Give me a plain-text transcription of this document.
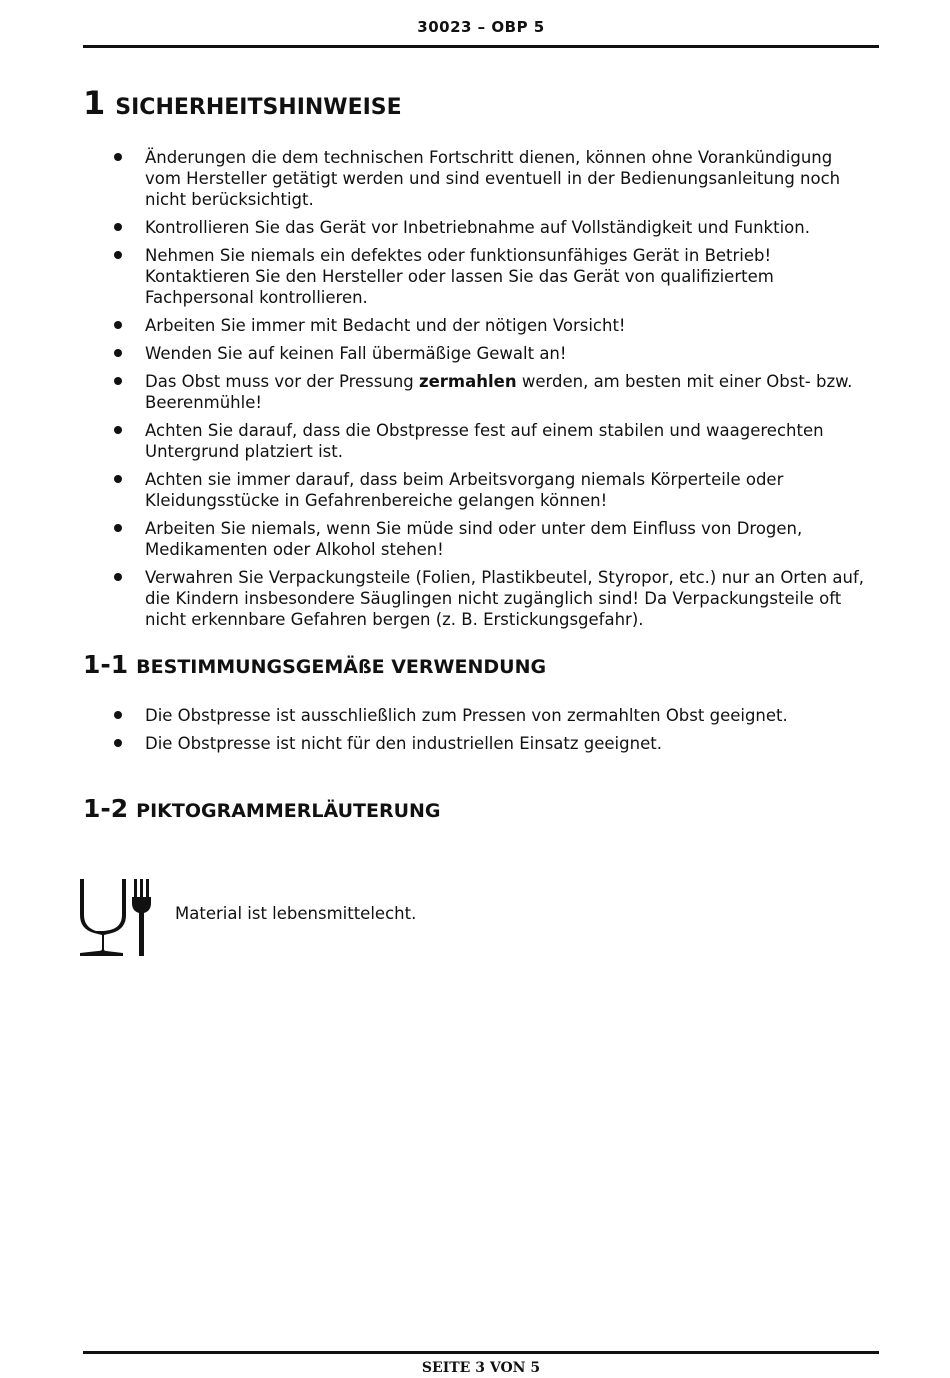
30023 – OBP 5
1 SICHERHEITSHINWEISE
Änderungen die dem technischen Fortschritt dienen, können ohne Vorankündigung vom Hersteller getätigt werden und sind eventuell in der Bedienungsanleitung noch nicht berücksichtigt.
Kontrollieren Sie das Gerät vor Inbetriebnahme auf Vollständigkeit und Funktion.
Nehmen Sie niemals ein defektes oder funktionsunfähiges Gerät in Betrieb! Kontaktieren Sie den Hersteller oder lassen Sie das Gerät von qualifiziertem Fachpersonal kontrollieren.
Arbeiten Sie immer mit Bedacht und der nötigen Vorsicht!
Wenden Sie auf keinen Fall übermäßige Gewalt an!
Das Obst muss vor der Pressung zermahlen werden, am besten mit einer Obst- bzw. Beerenmühle!
Achten Sie darauf, dass die Obstpresse fest auf einem stabilen und waagerechten Untergrund platziert ist.
Achten sie immer darauf, dass beim Arbeitsvorgang niemals Körperteile oder Kleidungsstücke in Gefahrenbereiche gelangen können!
Arbeiten Sie niemals, wenn Sie müde sind oder unter dem Einfluss von Drogen, Medikamenten oder Alkohol stehen!
Verwahren Sie Verpackungsteile (Folien, Plastikbeutel, Styropor, etc.) nur an Orten auf, die Kindern insbesondere Säuglingen nicht zugänglich sind! Da Verpackungsteile oft nicht erkennbare Gefahren bergen (z. B. Erstickungsgefahr).
1-1 BESTIMMUNGSGEMÄßE VERWENDUNG
Die Obstpresse ist ausschließlich zum Pressen von zermahlten Obst geeignet.
Die Obstpresse ist nicht für den industriellen Einsatz geeignet.
1-2 PIKTOGRAMMERLÄUTERUNG
Material ist lebensmittelecht.
SEITE 3 VON 5
